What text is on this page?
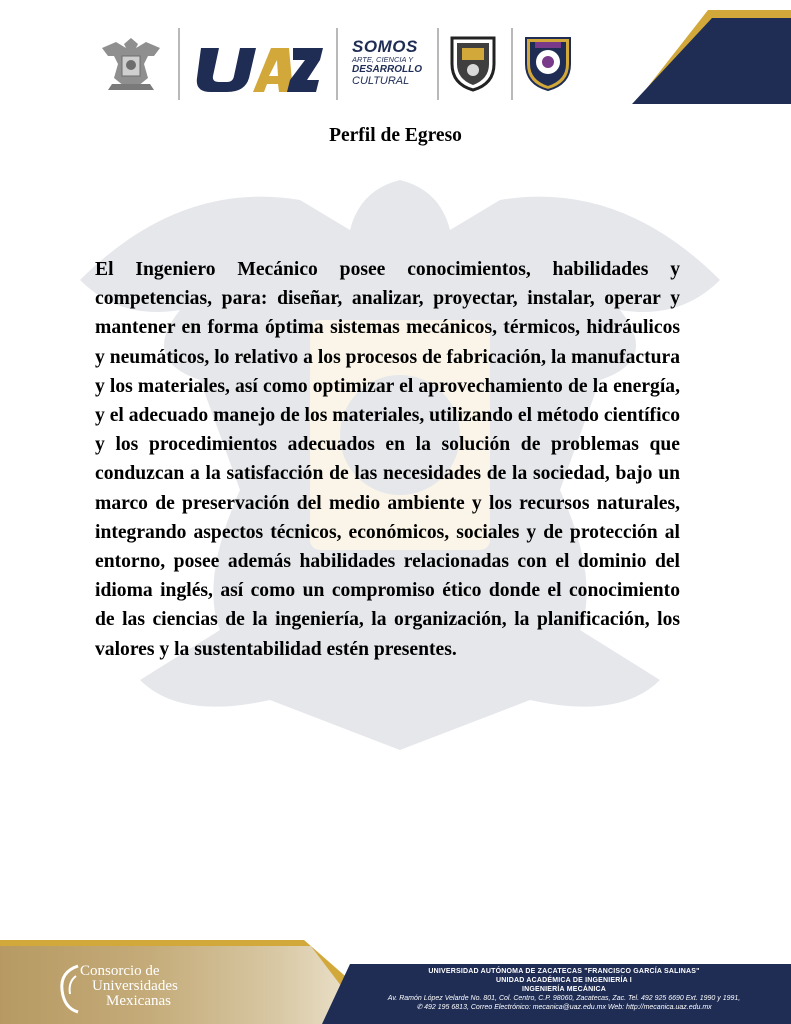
SOMOS
ARTE, CIENCIA Y
DESARROLLO
CULTURAL
Perfil de Egreso
El Ingeniero Mecánico posee conocimientos, habilidades y competencias, para: diseñar, analizar, proyectar, instalar, operar y mantener en forma óptima sistemas mecánicos, térmicos, hidráulicos y neumáticos, lo relativo a los procesos de fabricación, la manufactura y los materiales, así como optimizar el aprovechamiento de la energía, y el adecuado manejo de los materiales, utilizando el método científico y los procedimientos adecuados en la solución de problemas que conduzcan a la satisfacción de las necesidades de la sociedad, bajo un marco de preservación del medio ambiente y los recursos naturales, integrando aspectos técnicos, económicos, sociales y de protección al entorno, posee además habilidades relacionadas con el dominio del idioma inglés, así como un compromiso ético donde el conocimiento de las ciencias de la ingeniería, la organización, la planificación, los valores y la sustentabilidad estén presentes.
Consorcio de
Universidades
Mexicanas
UNIVERSIDAD AUTÓNOMA DE ZACATECAS "FRANCISCO GARCÍA SALINAS"
UNIDAD ACADÉMICA DE INGENIERÍA I
INGENIERÍA MECÁNICA
Av. Ramón López Velarde No. 801, Col. Centro, C.P. 98060, Zacatecas, Zac. Tel. 492 925 6690 Ext. 1990 y 1991,
✆ 492 195 6813, Correo Electrónico: mecanica@uaz.edu.mx Web: http://mecanica.uaz.edu.mx
